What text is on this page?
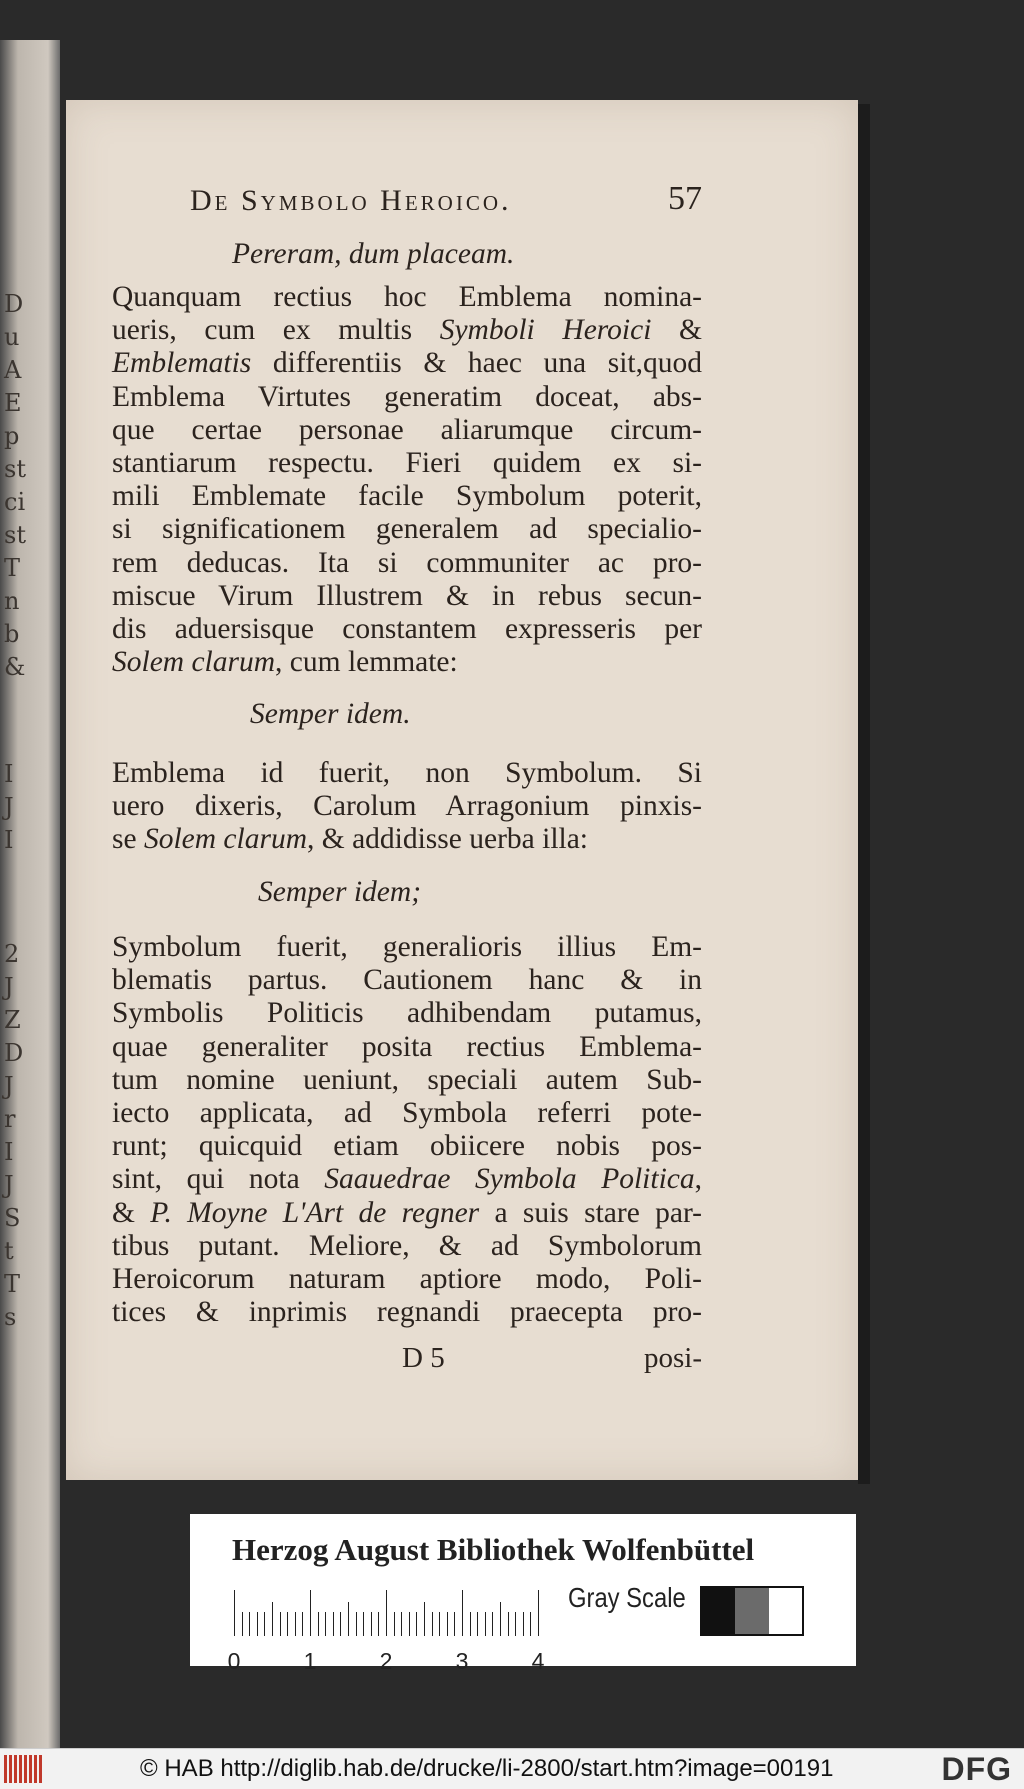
D
u
A
E
p
st
ci
st
T
n
b
&
I
J
I
2
J
Z
D
J
r
I
J
S
t
T
s
De Symbolo Heroico.	57
Pereram, dum placeam.
Quanquam rectius hoc Emblema nomina-
ueris, cum ex multis Symboli Heroici &
Emblematis differentiis & haec una sit,quod
Emblema Virtutes generatim doceat, abs-
que certae personae aliarumque circum-
stantiarum respectu. Fieri quidem ex si-
mili Emblemate facile Symbolum poterit,
si significationem generalem ad specialio-
rem deducas. Ita si communiter ac pro-
miscue Virum Illustrem & in rebus secun-
dis aduersisque constantem expresseris per
Solem clarum, cum lemmate:
Semper idem.
Emblema id fuerit, non Symbolum. Si
uero dixeris, Carolum Arragonium pinxis-
se Solem clarum, & addidisse uerba illa:
Semper idem;
Symbolum fuerit, generalioris illius Em-
blematis partus. Cautionem hanc & in
Symbolis Politicis adhibendam putamus,
quae generaliter posita rectius Emblema-
tum nomine ueniunt, speciali autem Sub-
iecto applicata, ad Symbola referri pote-
runt; quicquid etiam obiicere nobis pos-
sint, qui nota Saauedrae Symbola Politica,
& P. Moyne L'Art de regner a suis stare par-
tibus putant. Meliore, & ad Symbolorum
Heroicorum naturam aptiore modo, Poli-
tices & inprimis regnandi praecepta pro-
D 5	posi-
Herzog August Bibliothek Wolfenbüttel
0	1	2	3	4
Gray Scale
© HAB http://diglib.hab.de/drucke/li-2800/start.htm?image=00191	DFG
